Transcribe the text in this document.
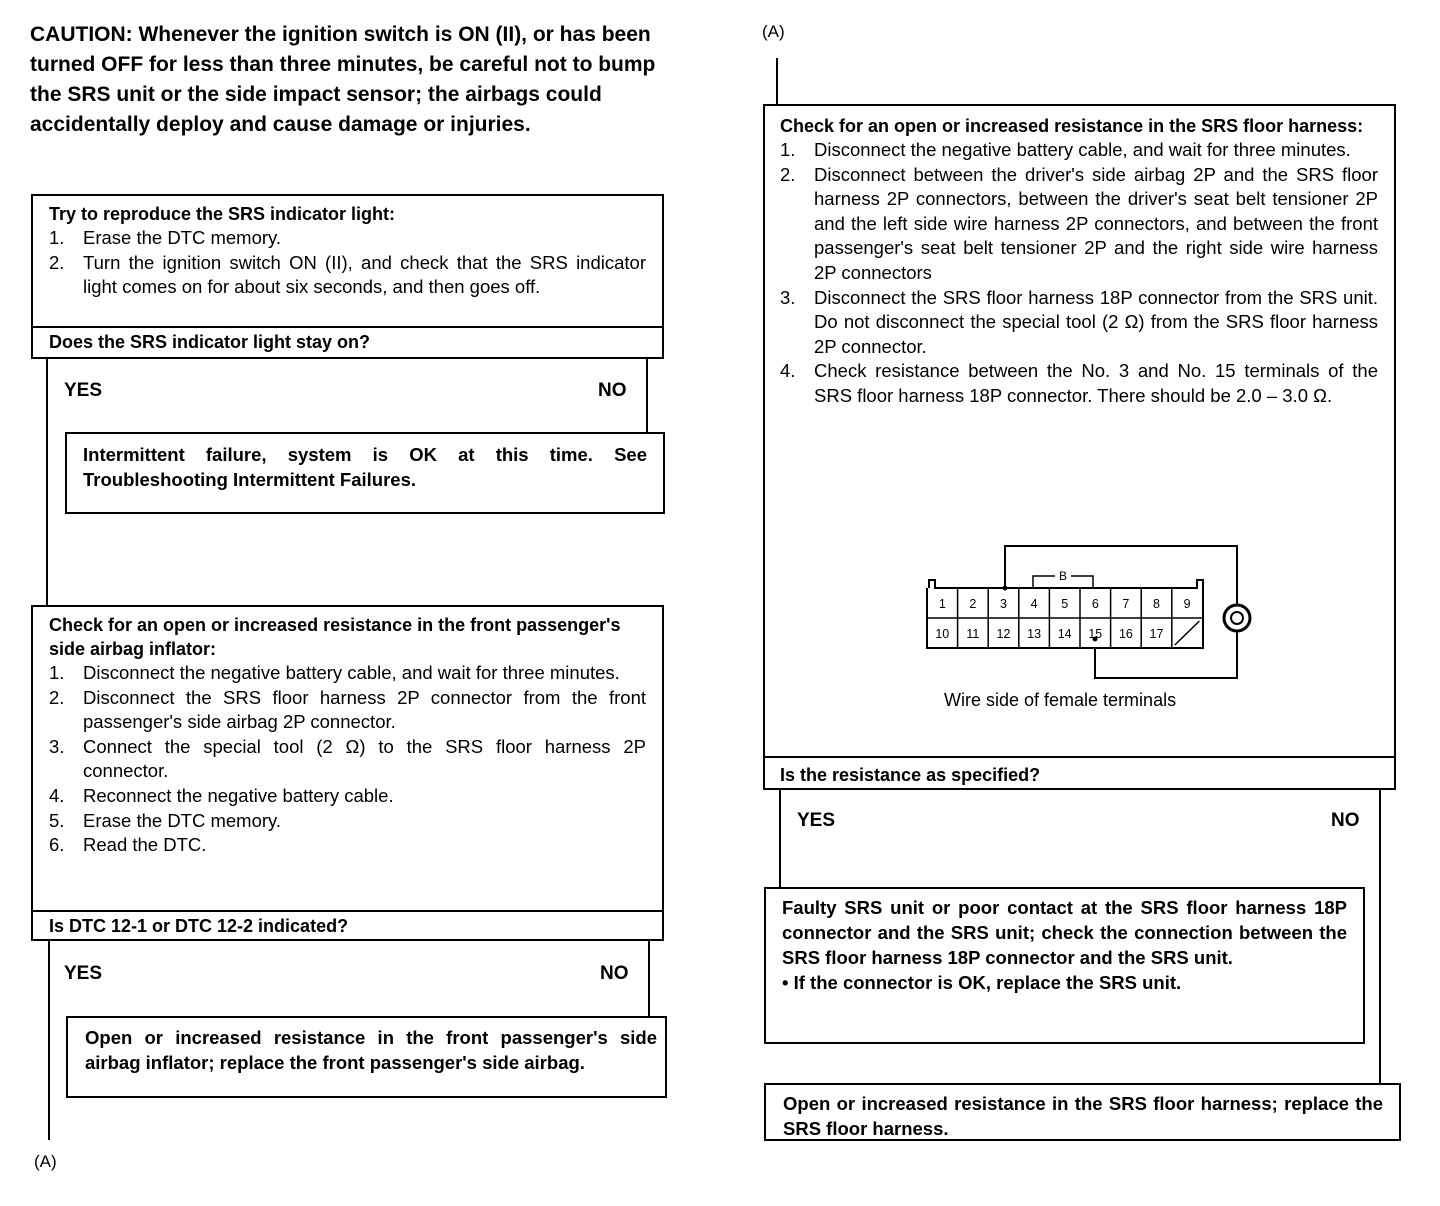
CAUTION: Whenever the ignition switch is ON (II), or has been turned OFF for less than three minutes, be careful not to bump the SRS unit or the side impact sensor; the airbags could accidentally deploy and cause damage or injuries.
Try to reproduce the SRS indicator light:
1.	Erase the DTC memory.
2.	Turn the ignition switch ON (II), and check that the SRS indicator light comes on for about six seconds, and then goes off.
Does the SRS indicator light stay on?
YES	NO
Intermittent failure, system is OK at this time. See Troubleshooting Intermittent Failures.
Check for an open or increased resistance in the front passenger's side airbag inflator:
1.	Disconnect the negative battery cable, and wait for three minutes.
2.	Disconnect the SRS floor harness 2P connector from the front passenger's side airbag 2P connector.
3.	Connect the special tool (2 Ω) to the SRS floor harness 2P connector.
4.	Reconnect the negative battery cable.
5.	Erase the DTC memory.
6.	Read the DTC.
Is DTC 12-1 or DTC 12-2 indicated?
YES	NO
Open or increased resistance in the front passenger's side airbag inflator; replace the front passenger's side airbag.
(A)
(A)
Check for an open or increased resistance in the SRS floor harness:
1.	Disconnect the negative battery cable, and wait for three minutes.
2.	Disconnect between the driver's side airbag 2P and the SRS floor harness 2P connectors, between the driver's seat belt tensioner 2P and the left side wire harness 2P connectors, and between the front passenger's seat belt tensioner 2P and the right side wire harness 2P connectors
3.	Disconnect the SRS floor harness 18P connector from the SRS unit. Do not disconnect the special tool (2 Ω) from the SRS floor harness 2P connector.
4.	Check resistance between the No. 3 and No. 15 terminals of the SRS floor harness 18P connector. There should be 2.0 – 3.0 Ω.
B
1 2 3 4 5 6 7 8 9
10 11 12 13 14 15 16 17
Wire side of female terminals
Is the resistance as specified?
YES	NO
Faulty SRS unit or poor contact at the SRS floor harness 18P connector and the SRS unit; check the connection between the SRS floor harness 18P connector and the SRS unit.
• If the connector is OK, replace the SRS unit.
Open or increased resistance in the SRS floor harness; replace the SRS floor harness.
